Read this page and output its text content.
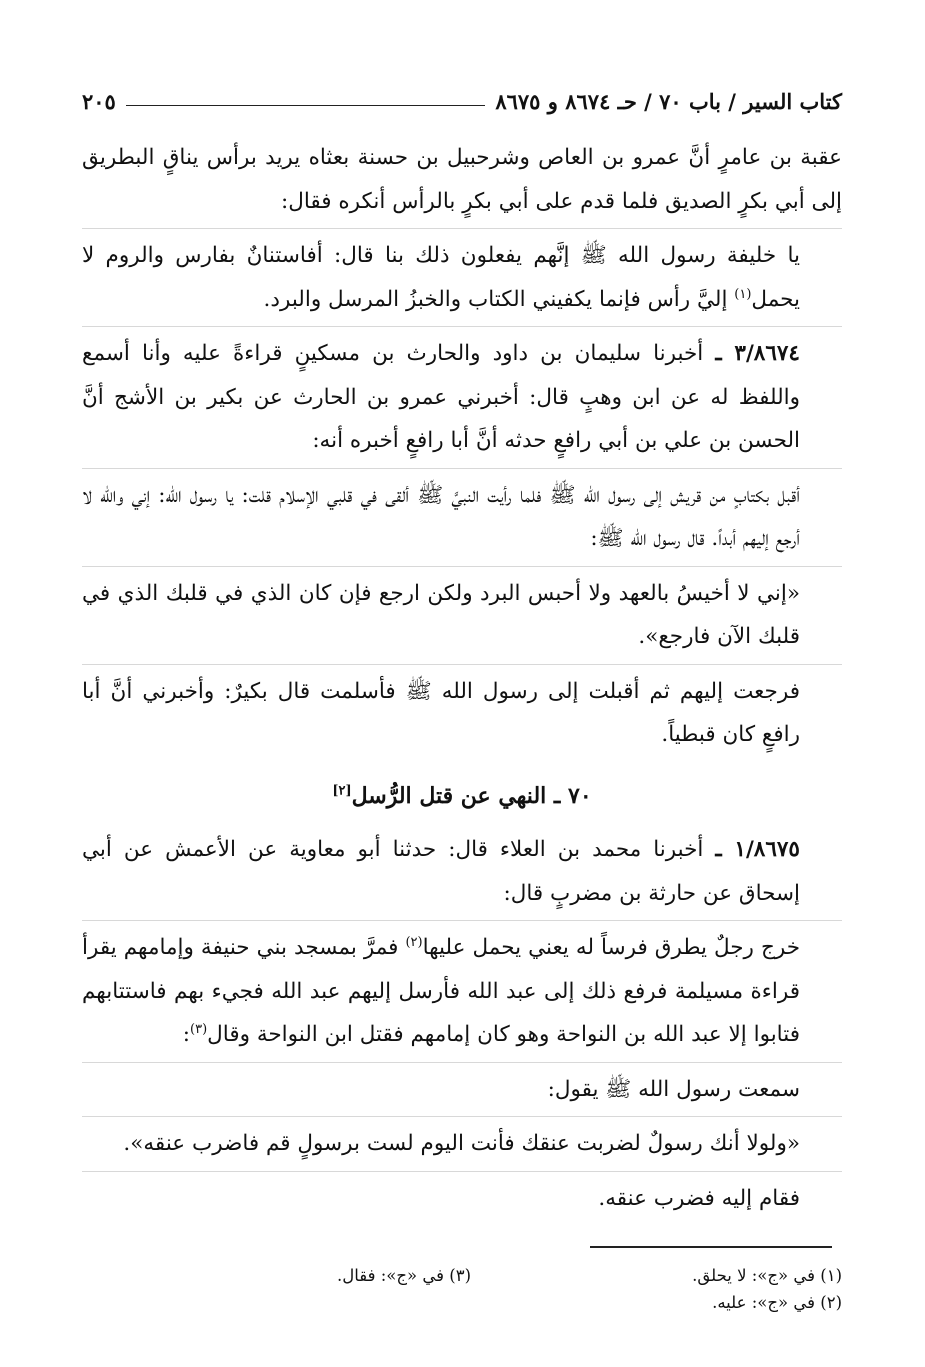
كتاب السير / باب ٧٠ / حـ ٨٦٧٤ و ٨٦٧٥
٢٠٥

عقبة بن عامرٍ أنَّ عمرو بن العاص وشرحبيل بن حسنة بعثاه يريد برأس يناقٍ البطريق إلى أبي بكرٍ الصديق فلما قدم على أبي بكرٍ بالرأس أنكره فقال:

يا خليفة رسول الله ﷺ إنَّهم يفعلون ذلك بنا قال: أفاستنانٌ بفارس والروم لا يحمل$^{(١)}$ إليَّ رأس فإنما يكفيني الكتاب والخبزُ المرسل والبرد.

٣/٨٦٧٤ ـ أخبرنا سليمان بن داود والحارث بن مسكينٍ قراءةً عليه وأنا أسمع واللفظ له عن ابن وهبٍ قال: أخبرني عمرو بن الحارث عن بكير بن الأشج أنَّ الحسن بن علي بن أبي رافعٍ حدثه أنَّ أبا رافعٍ أخبره أنه:

أقبل بكتابٍ من قريش إلى رسول الله ﷺ فلما رأيت النبيَّ ﷺ ألقى في قلبي الإسلام قلت: يا رسول الله: إني والله لا أرجع إليهم أبداً. قال رسول الله ﷺ:

«إني لا أخيسُ بالعهد ولا أحبس البرد ولكن ارجع فإن كان الذي في قلبك الذي في قلبك الآن فارجع».

فرجعت إليهم ثم أقبلت إلى رسول الله ﷺ فأسلمت قال بكيرٌ: وأخبرني أنَّ أبا رافعٍ كان قبطياً.

٧٠ ـ النهي عن قتل الرُّسل[٢]

١/٨٦٧٥ ـ أخبرنا محمد بن العلاء قال: حدثنا أبو معاوية عن الأعمش عن أبي إسحاق عن حارثة بن مضربٍ قال:

خرج رجلٌ يطرق فرساً له يعني يحمل عليها$^{(٢)}$ فمرَّ بمسجد بني حنيفة وإمامهم يقرأ قراءة مسيلمة فرفع ذلك إلى عبد الله فأرسل إليهم عبد الله فجيء بهم فاستتابهم فتابوا إلا عبد الله بن النواحة وهو كان إمامهم فقتل ابن النواحة وقال$^{(٣)}$:

سمعت رسول الله ﷺ يقول:

«ولولا أنك رسولٌ لضربت عنقك فأنت اليوم لست برسولٍ قم فاضرب عنقه».

فقام إليه فضرب عنقه.

(١) في «ج»: لا يحلق.
(٣) في «ج»: فقال.
(٢) في «ج»: عليه.
